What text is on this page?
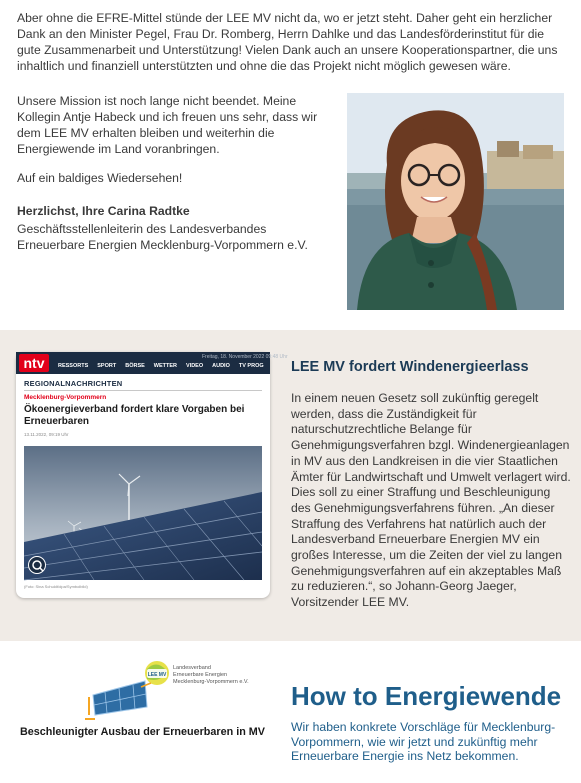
Aber ohne die EFRE-Mittel stünde der LEE MV nicht da, wo er jetzt steht. Daher geht ein herzlicher Dank an den Minister Pegel, Frau Dr. Romberg, Herrn Dahlke und das Landesförderinstitut für die gute Zusammenarbeit und Unterstützung! Vielen Dank auch an unsere Kooperationspartner, die uns inhaltlich und finanziell unterstützten und ohne die das Projekt nicht möglich gewesen wäre.

Unsere Mission ist noch lange nicht beendet. Meine Kollegin Antje Habeck und ich freuen uns sehr, dass wir dem LEE MV erhalten bleiben und weiterhin die Energiewende im Land voranbringen.

Auf ein baldiges Wiedersehen!

Herzlichst, Ihre Carina Radtke

Geschäftsstellenleiterin des Landesverbandes Erneuerbare Energien Mecklenburg-Vorpommern e.V.

ntv	Freitag, 18. November 2022 09:48 Uhr
RESSORTS SPORT BÖRSE WETTER VIDEO AUDIO TV PROG
REGIONALNACHRICHTEN
Mecklenburg-Vorpommern
Ökoenergieverband fordert klare Vorgaben bei Erneuerbaren
13.11.2022, 09:19 Uhr
(Foto: Sina Schuldt/dpa/Symbolbild)
LEE MV fordert Windenergieerlass

In einem neuen Gesetz soll zukünftig geregelt werden, dass die Zuständigkeit für naturschutzrechtliche Belange für Genehmigungsverfahren bzgl. Windenergieanlagen in MV aus den Landkreisen in die vier Staatlichen Ämter für Landwirtschaft und Umwelt verlagert wird. Dies soll zu einer Straffung und Beschleunigung des Genehmigungsverfahrens führen. „An dieser Straffung des Verfahrens hat natürlich auch der Landesverband Erneuerbare Energien MV ein großes Interesse, um die Zeiten der viel zu langen Genehmigungsverfahren auf ein akzeptables Maß zu reduzieren.“, so Johann-Georg Jaeger, Vorsitzender LEE MV.

LEE MV
Landesverband
Erneuerbare Energien
Mecklenburg-Vorpommern e.V.
Beschleunigter Ausbau der Erneuerbaren in MV
How to Energiewende

Wir haben konkrete Vorschläge für Mecklenburg-Vorpommern, wie wir jetzt und zukünftig mehr Erneuerbare Energie ins Netz bekommen.
